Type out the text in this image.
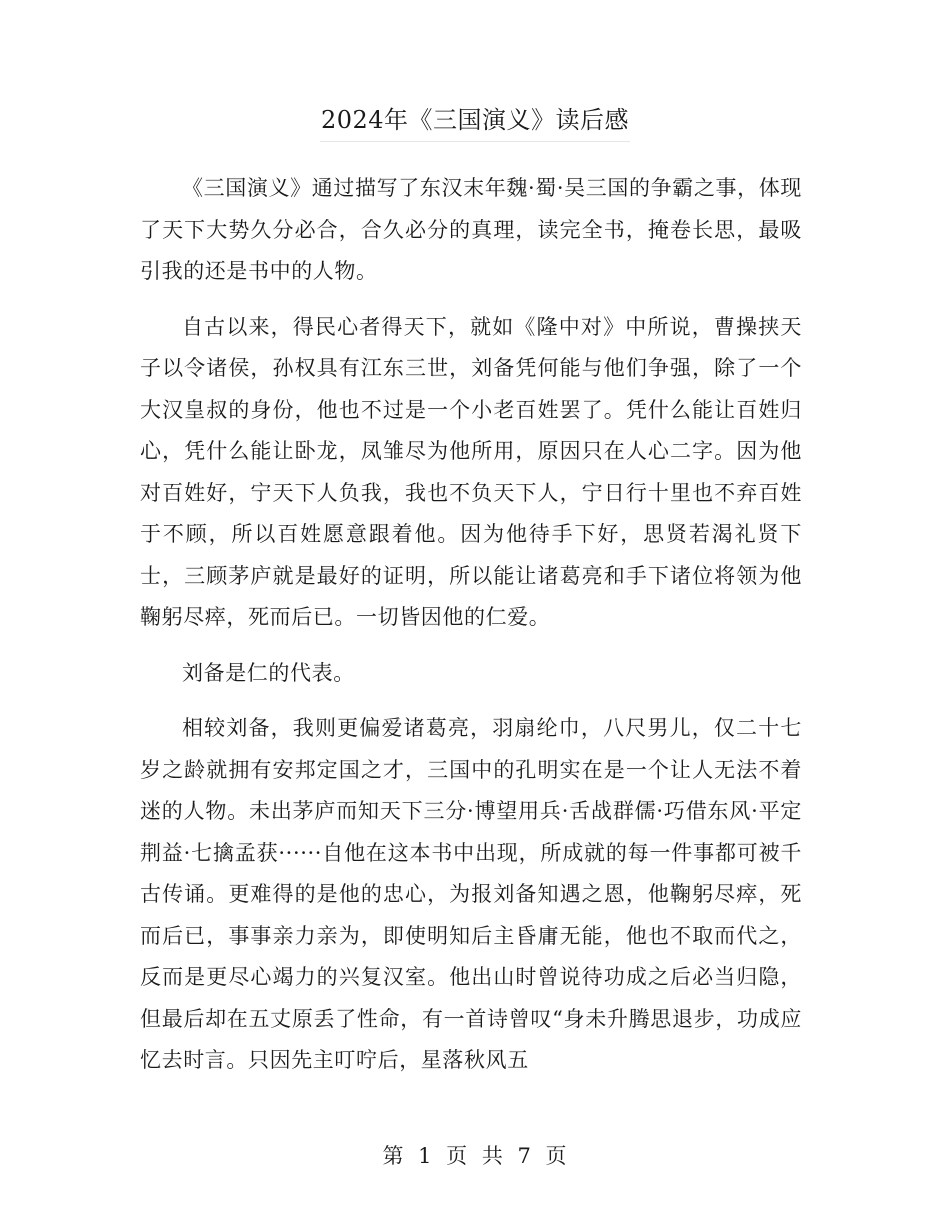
2024年《三国演义》读后感

《三国演义》通过描写了东汉末年魏·蜀·吴三国的争霸之事，体现了天下大势久分必合，合久必分的真理，读完全书，掩卷长思，最吸引我的还是书中的人物。

自古以来，得民心者得天下，就如《隆中对》中所说，曹操挟天子以令诸侯，孙权具有江东三世，刘备凭何能与他们争强，除了一个大汉皇叔的身份，他也不过是一个小老百姓罢了。凭什么能让百姓归心，凭什么能让卧龙，凤雏尽为他所用，原因只在人心二字。因为他对百姓好，宁天下人负我，我也不负天下人，宁日行十里也不弃百姓于不顾，所以百姓愿意跟着他。因为他待手下好，思贤若渴礼贤下士，三顾茅庐就是最好的证明，所以能让诸葛亮和手下诸位将领为他鞠躬尽瘁，死而后已。一切皆因他的仁爱。

刘备是仁的代表。

相较刘备，我则更偏爱诸葛亮，羽扇纶巾，八尺男儿，仅二十七岁之龄就拥有安邦定国之才，三国中的孔明实在是一个让人无法不着迷的人物。未出茅庐而知天下三分·博望用兵·舌战群儒·巧借东风·平定荆益·七擒孟获······自他在这本书中出现，所成就的每一件事都可被千古传诵。更难得的是他的忠心，为报刘备知遇之恩，他鞠躬尽瘁，死而后已，事事亲力亲为，即使明知后主昏庸无能，他也不取而代之，反而是更尽心竭力的兴复汉室。他出山时曾说待功成之后必当归隐，但最后却在五丈原丢了性命，有一首诗曾叹“身未升腾思退步，功成应忆去时言。只因先主叮咛后，星落秋风五

第 1 页 共 7 页
